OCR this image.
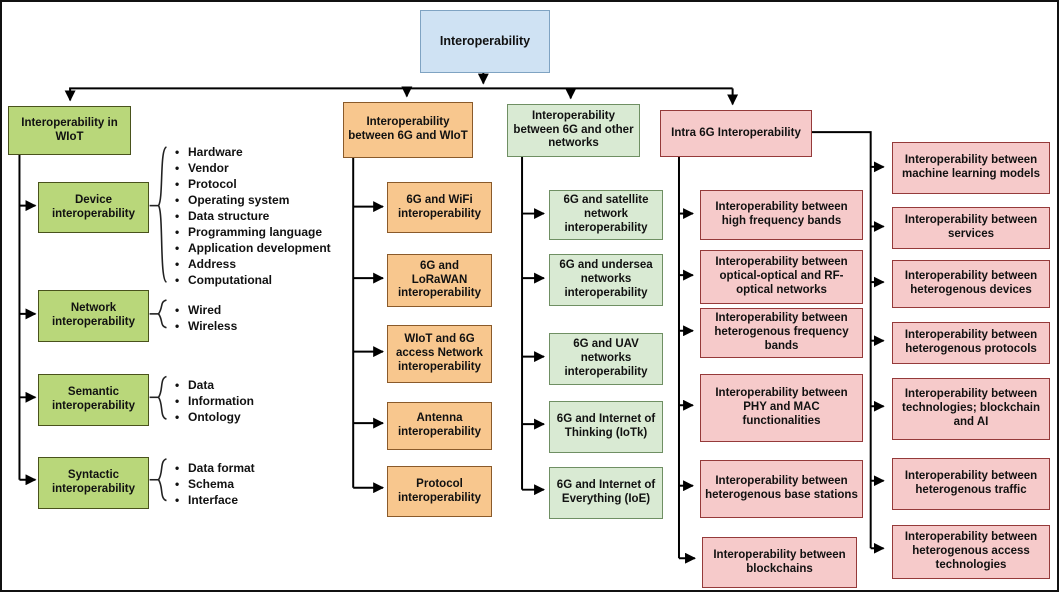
Interoperability
Interoperability in WIoT
Device interoperability
Network interoperability
Semantic interoperability
Syntactic interoperability
• Hardware
• Vendor
• Protocol
• Operating system
• Data structure
• Programming language
• Application development
• Address
• Computational
• Wired
• Wireless
• Data
• Information
• Ontology
• Data format
• Schema
• Interface
Interoperability between 6G and WIoT
6G and WiFi interoperability
6G and LoRaWAN interoperability
WIoT and 6G access Network interoperability
Antenna interoperability
Protocol interoperability
Interoperability between 6G and other networks
6G and satellite network interoperability
6G and undersea networks interoperability
6G and UAV networks interoperability
6G and Internet of Thinking (IoTk)
6G and Internet of Everything (IoE)
Intra 6G Interoperability
Interoperability between high frequency bands
Interoperability between optical-optical and RF-optical networks
Interoperability between heterogenous frequency bands
Interoperability between PHY and MAC functionalities
Interoperability between heterogenous base stations
Interoperability between blockchains
Interoperability between machine learning models
Interoperability between services
Interoperability between heterogenous devices
Interoperability between heterogenous protocols
Interoperability between technologies; blockchain and AI
Interoperability between heterogenous traffic
Interoperability between heterogenous access technologies
